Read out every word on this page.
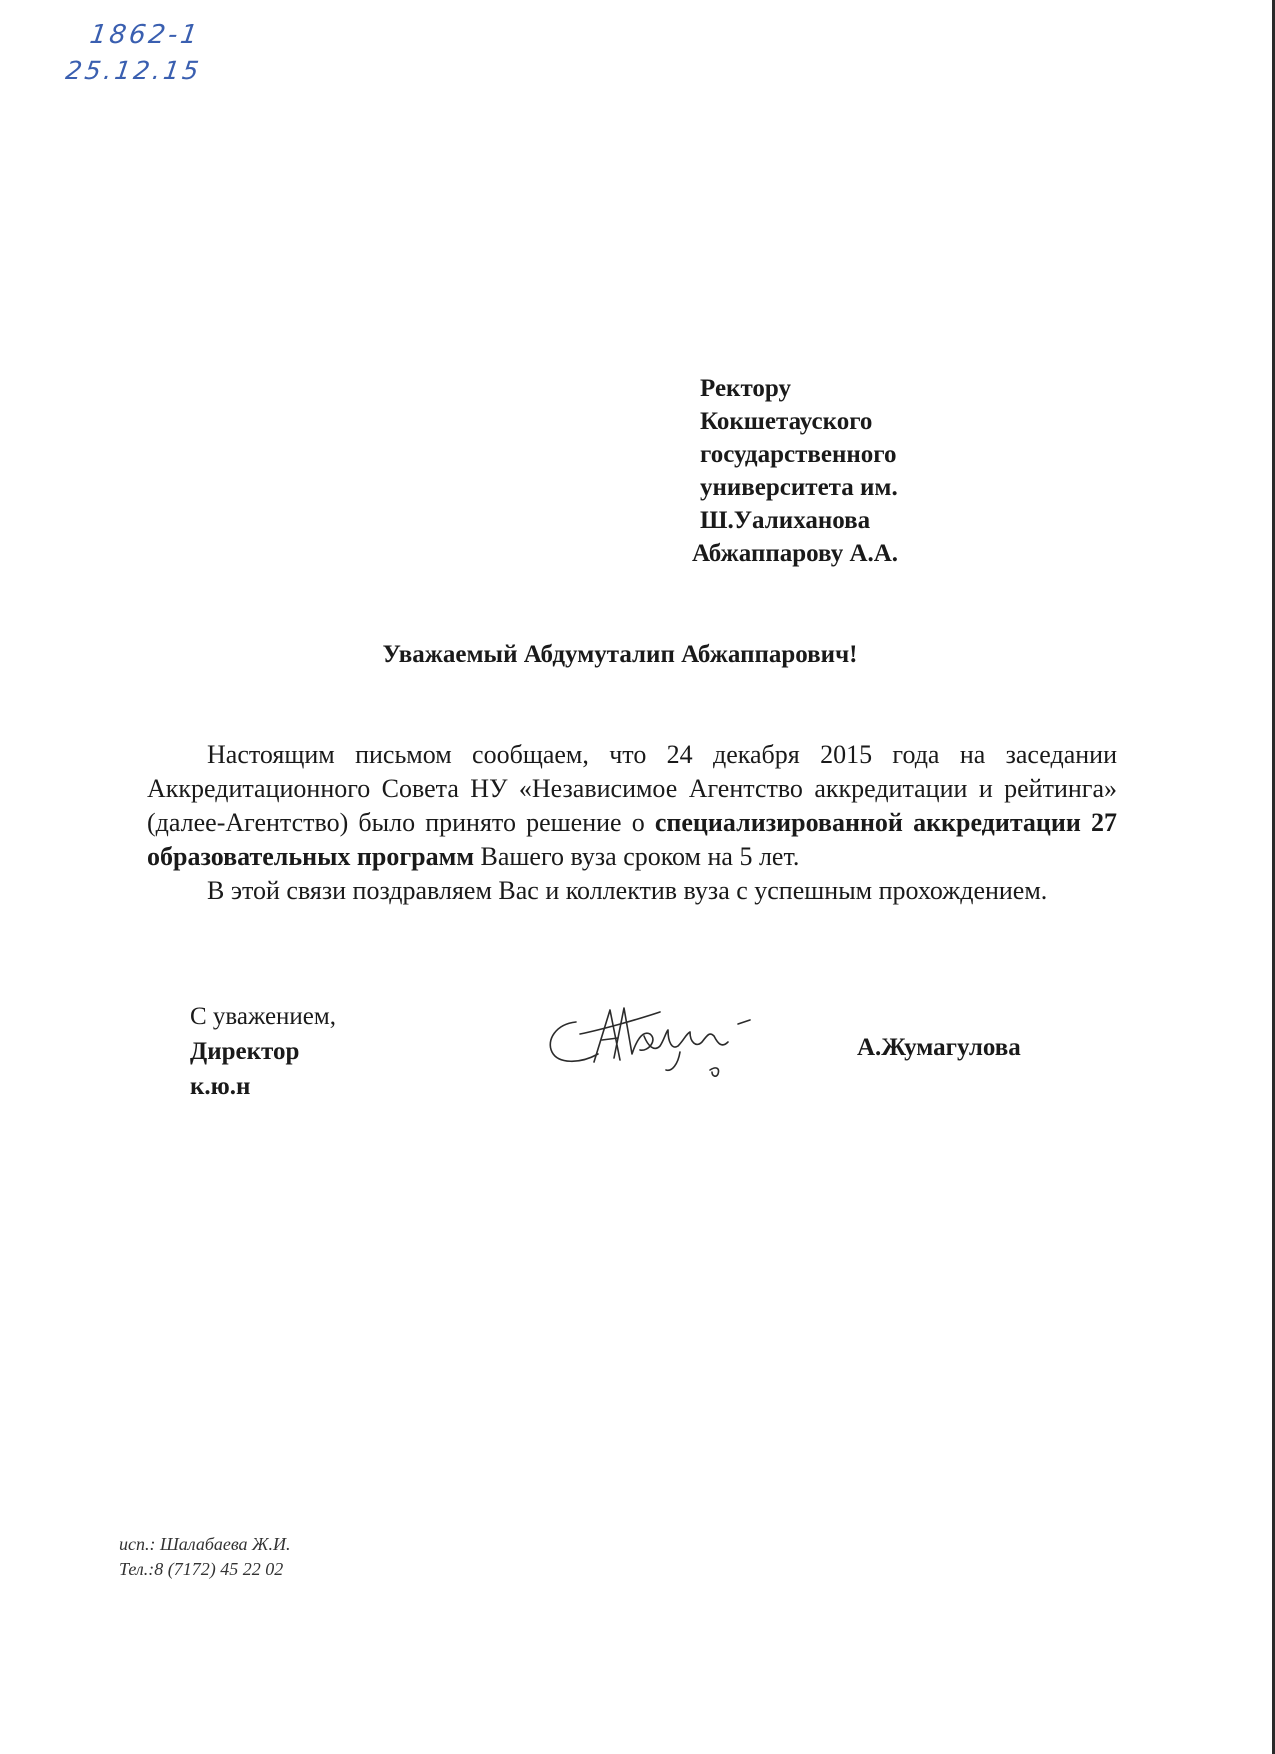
1862-1
25.12.15
Ректору
Кокшетауского
государственного
университета им.
Ш.Уалиханова
Абжаппарову А.А.
Уважаемый Абдумуталип Абжаппарович!

Настоящим письмом сообщаем, что 24 декабря 2015 года на заседании Аккредитационного Совета НУ «Независимое Агентство аккредитации и рейтинга» (далее-Агентство) было принято решение о специализированной аккредитации 27 образовательных программ Вашего вуза сроком на 5 лет.

В этой связи поздравляем Вас и коллектив вуза с успешным прохождением.

С уважением,
Директор
к.ю.н
А.Жумагулова
исп.: Шалабаева Ж.И.
Тел.:8 (7172) 45 22 02
